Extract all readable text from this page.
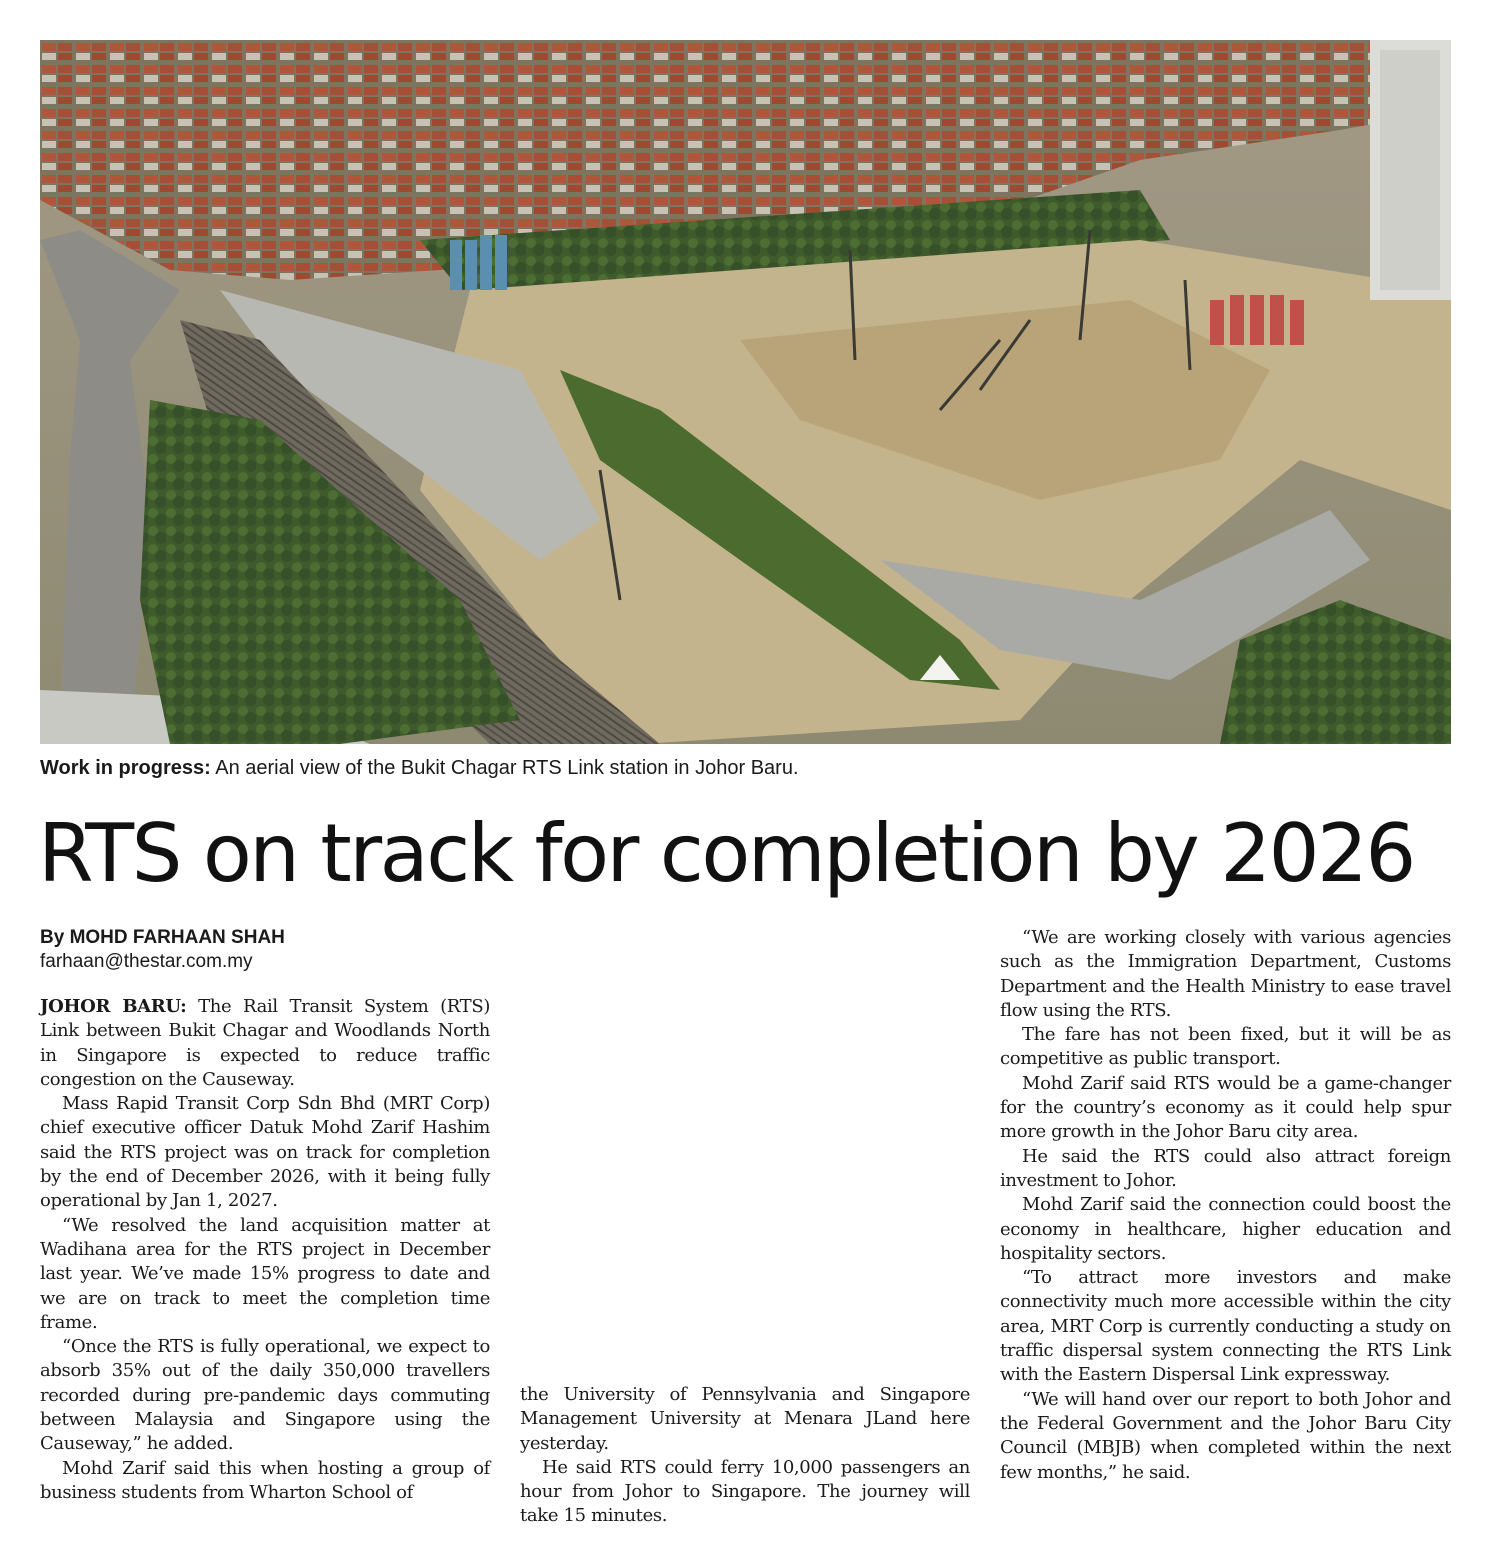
Work in progress: An aerial view of the Bukit Chagar RTS Link station in Johor Baru.
RTS on track for completion by 2026
By MOHD FARHAAN SHAH
farhaan@thestar.com.my

JOHOR BARU: The Rail Transit System (RTS) Link between Bukit Chagar and Woodlands North in Singapore is expected to reduce traffic congestion on the Causeway.

Mass Rapid Transit Corp Sdn Bhd (MRT Corp) chief executive officer Datuk Mohd Zarif Hashim said the RTS project was on track for completion by the end of December 2026, with it being fully operational by Jan 1, 2027.

“We resolved the land acquisition matter at Wadihana area for the RTS project in December last year. We’ve made 15% progress to date and we are on track to meet the completion time frame.

“Once the RTS is fully operational, we expect to absorb 35% out of the daily 350,000 travellers recorded during pre-pandemic days commuting between Malaysia and Singapore using the Causeway,” he added.

Mohd Zarif said this when hosting a group of business students from Wharton School of

the University of Pennsylvania and Singapore Management University at Menara JLand here yesterday.

He said RTS could ferry 10,000 passengers an hour from Johor to Singapore. The journey will take 15 minutes.

“We are working closely with various agencies such as the Immigration Department, Customs Department and the Health Ministry to ease travel flow using the RTS.

The fare has not been fixed, but it will be as competitive as public transport.

Mohd Zarif said RTS would be a game-changer for the country’s economy as it could help spur more growth in the Johor Baru city area.

He said the RTS could also attract foreign investment to Johor.

Mohd Zarif said the connection could boost the economy in healthcare, higher education and hospitality sectors.

“To attract more investors and make connectivity much more accessible within the city area, MRT Corp is currently conducting a study on traffic dispersal system connecting the RTS Link with the Eastern Dispersal Link expressway.

“We will hand over our report to both Johor and the Federal Government and the Johor Baru City Council (MBJB) when completed within the next few months,” he said.
